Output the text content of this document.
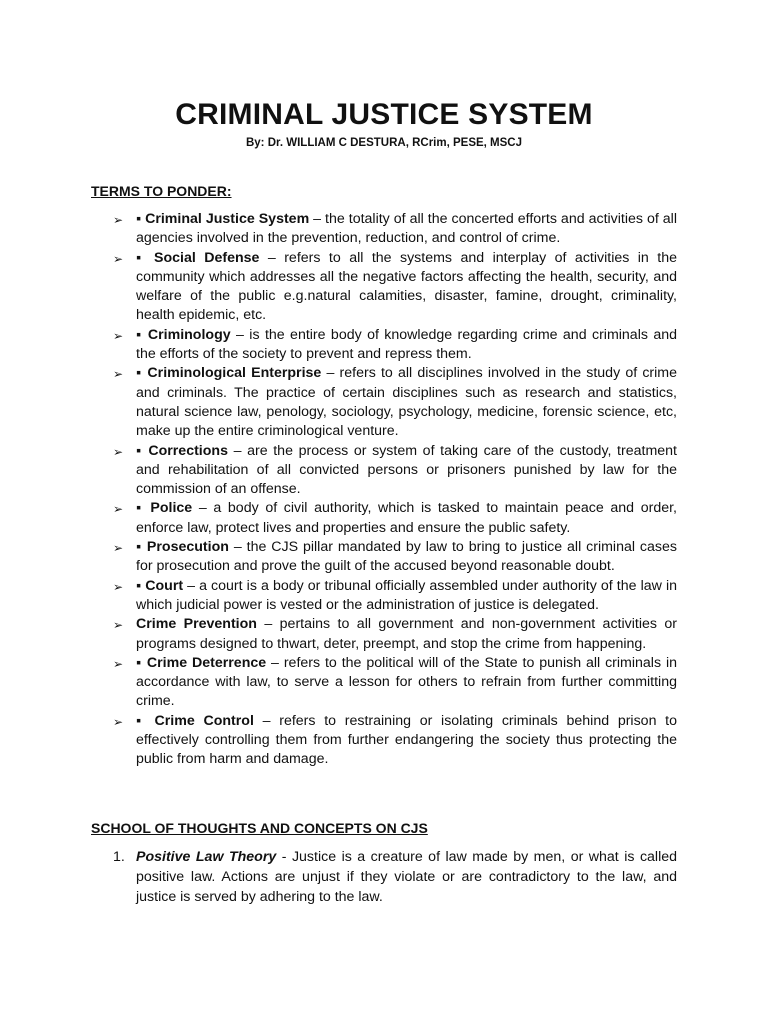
CRIMINAL JUSTICE SYSTEM

By: Dr. WILLIAM C DESTURA, RCrim, PESE, MSCJ

TERMS TO PONDER:
➢ ▪ Criminal Justice System – the totality of all the concerted efforts and activities of all agencies involved in the prevention, reduction, and control of crime.
➢ ▪ Social Defense – refers to all the systems and interplay of activities in the community which addresses all the negative factors affecting the health, security, and welfare of the public e.g.natural calamities, disaster, famine, drought, criminality, health epidemic, etc.
➢ ▪ Criminology – is the entire body of knowledge regarding crime and criminals and the efforts of the society to prevent and repress them.
➢ ▪ Criminological Enterprise – refers to all disciplines involved in the study of crime and criminals. The practice of certain disciplines such as research and statistics, natural science law, penology, sociology, psychology, medicine, forensic science, etc, make up the entire criminological venture.
➢ ▪ Corrections – are the process or system of taking care of the custody, treatment and rehabilitation of all convicted persons or prisoners punished by law for the commission of an offense.
➢ ▪ Police – a body of civil authority, which is tasked to maintain peace and order, enforce law, protect lives and properties and ensure the public safety.
➢ ▪ Prosecution – the CJS pillar mandated by law to bring to justice all criminal cases for prosecution and prove the guilt of the accused beyond reasonable doubt.
➢ ▪ Court – a court is a body or tribunal officially assembled under authority of the law in which judicial power is vested or the administration of justice is delegated.
➢ Crime Prevention – pertains to all government and non-government activities or programs designed to thwart, deter, preempt, and stop the crime from happening.
➢ ▪ Crime Deterrence – refers to the political will of the State to punish all criminals in accordance with law, to serve a lesson for others to refrain from further committing crime.
➢ ▪ Crime Control – refers to restraining or isolating criminals behind prison to effectively controlling them from further endangering the society thus protecting the public from harm and damage.
SCHOOL OF THOUGHTS AND CONCEPTS ON CJS
1. Positive Law Theory - Justice is a creature of law made by men, or what is called positive law. Actions are unjust if they violate or are contradictory to the law, and justice is served by adhering to the law.
